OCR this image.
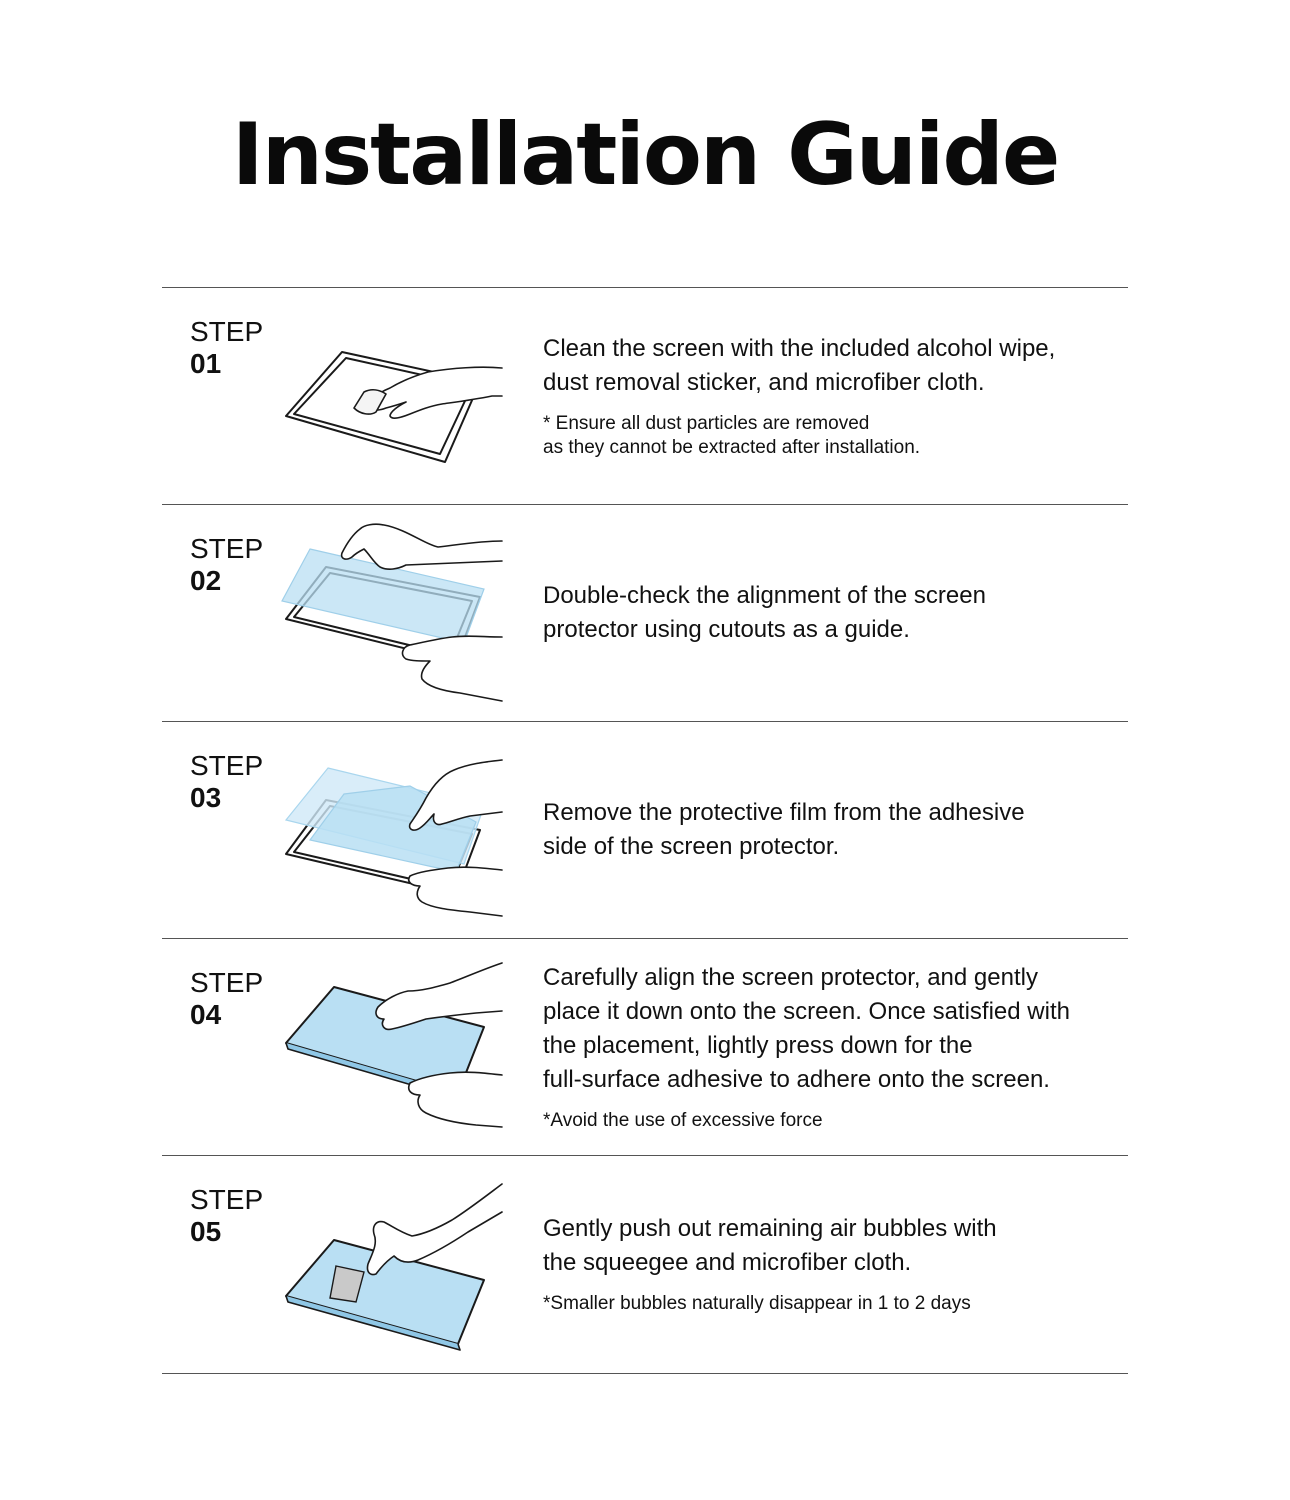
Installation Guide
STEP
01	Clean the screen with the included alcohol wipe,
dust removal sticker, and microfiber cloth.

* Ensure all dust particles are removed
as they cannot be extracted after installation.

STEP
02	Double-check the alignment of the screen
protector using cutouts as a guide.

STEP
03	Remove the protective film from the adhesive
side of the screen protector.

STEP
04

Carefully align the screen protector, and gently
place it down onto the screen. Once satisfied with
the placement, lightly press down for the
full-surface adhesive to adhere onto the screen.

*Avoid the use of excessive force

STEP
05	Gently push out remaining air bubbles with
the squeegee and microfiber cloth.

*Smaller bubbles naturally disappear in 1 to 2 days
